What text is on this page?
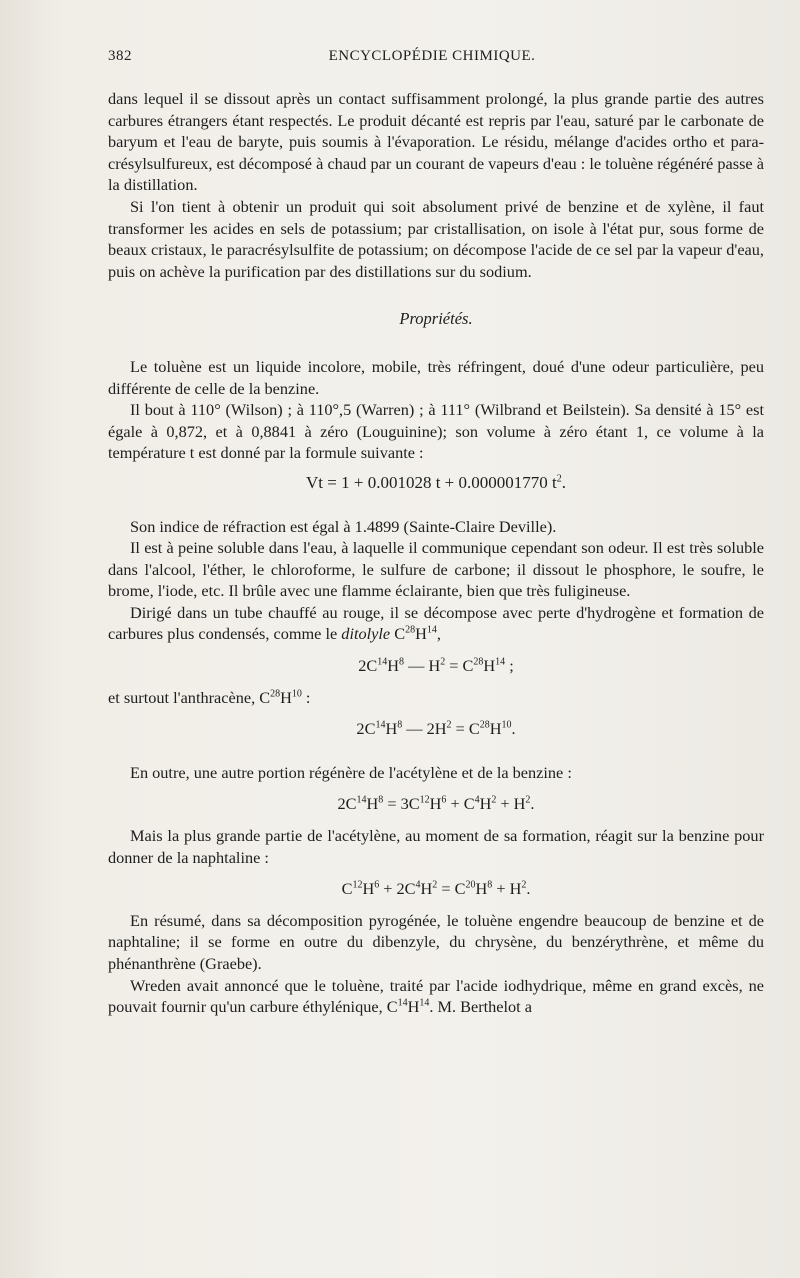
382	ENCYCLOPÉDIE CHIMIQUE.

dans lequel il se dissout après un contact suffisamment prolongé, la plus grande partie des autres carbures étrangers étant respectés. Le produit décanté est repris par l'eau, saturé par le carbonate de baryum et l'eau de baryte, puis soumis à l'évaporation. Le résidu, mélange d'acides ortho et para-crésylsulfureux, est décomposé à chaud par un courant de vapeurs d'eau : le toluène régénéré passe à la distillation.

Si l'on tient à obtenir un produit qui soit absolument privé de benzine et de xylène, il faut transformer les acides en sels de potassium; par cristallisation, on isole à l'état pur, sous forme de beaux cristaux, le paracrésylsulfite de potassium; on décompose l'acide de ce sel par la vapeur d'eau, puis on achève la purification par des distillations sur du sodium.

Propriétés.

Le toluène est un liquide incolore, mobile, très réfringent, doué d'une odeur particulière, peu différente de celle de la benzine.

Il bout à 110° (Wilson) ; à 110°,5 (Warren) ; à 111° (Wilbrand et Beilstein). Sa densité à 15° est égale à 0,872, et à 0,8841 à zéro (Louguinine); son volume à zéro étant 1, ce volume à la température t est donné par la formule suivante :

Vt = 1 + 0.001028 t + 0.000001770 $t^2$.

Son indice de réfraction est égal à 1.4899 (Sainte-Claire Deville).

Il est à peine soluble dans l'eau, à laquelle il communique cependant son odeur. Il est très soluble dans l'alcool, l'éther, le chloroforme, le sulfure de carbone; il dissout le phosphore, le soufre, le brome, l'iode, etc. Il brûle avec une flamme éclairante, bien que très fuligineuse.

Dirigé dans un tube chauffé au rouge, il se décompose avec perte d'hydrogène et formation de carbures plus condensés, comme le ditolyle $C^{28}H^{14}$,

$2C^{14}H^8$ — $H^2 = C^{28}H^{14}$ ;

et surtout l'anthracène, $C^{28}H^{10}$ :

$2C^{14}H^8$ — $2H^2 = C^{28}H^{10}$.

En outre, une autre portion régénère de l'acétylène et de la benzine :

$2C^{14}H^8 = 3C^{12}H^6 + C^4H^2 + H^2$.

Mais la plus grande partie de l'acétylène, au moment de sa formation, réagit sur la benzine pour donner de la naphtaline :

$C^{12}H^6 + 2C^4H^2 = C^{20}H^8 + H^2$.

En résumé, dans sa décomposition pyrogénée, le toluène engendre beaucoup de benzine et de naphtaline; il se forme en outre du dibenzyle, du chrysène, du benzérythrène, et même du phénanthrène (Graebe).

Wreden avait annoncé que le toluène, traité par l'acide iodhydrique, même en grand excès, ne pouvait fournir qu'un carbure éthylénique, $C^{14}H^{14}$. M. Berthelot a
